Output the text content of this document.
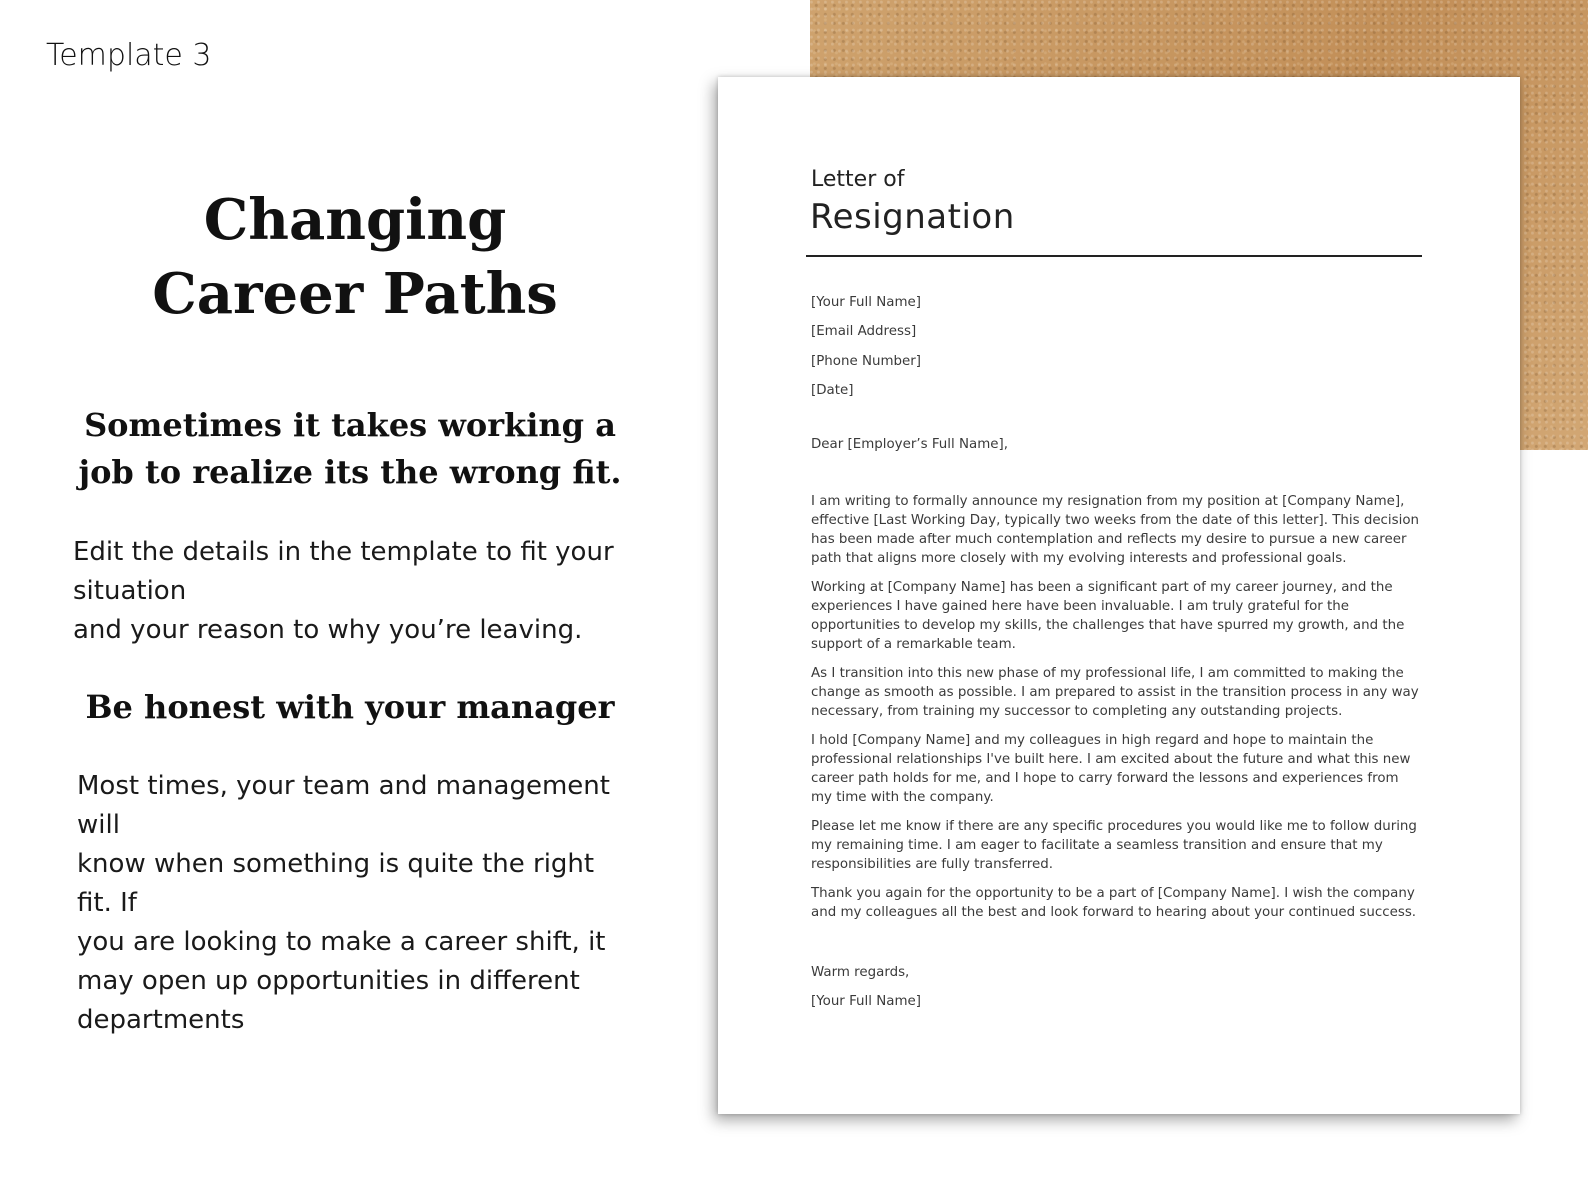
Template 3
Changing
Career Paths
Sometimes it takes working a
job to realize its the wrong fit.
Edit the details in the template to fit your situation
and your reason to why you’re leaving.
Be honest with your manager
Most times, your team and management will
know when something is quite the right fit. If
you are looking to make a career shift, it
may open up opportunities in different
departments
Letter of
Resignation
[Your Full Name]
[Email Address]
[Phone Number]
[Date]
Dear [Employer’s Full Name],

I am writing to formally announce my resignation from my position at [Company Name], effective [Last Working Day, typically two weeks from the date of this letter]. This decision has been made after much contemplation and reflects my desire to pursue a new career path that aligns more closely with my evolving interests and professional goals.

Working at [Company Name] has been a significant part of my career journey, and the experiences I have gained here have been invaluable. I am truly grateful for the opportunities to develop my skills, the challenges that have spurred my growth, and the support of a remarkable team.

As I transition into this new phase of my professional life, I am committed to making the change as smooth as possible. I am prepared to assist in the transition process in any way necessary, from training my successor to completing any outstanding projects.

I hold [Company Name] and my colleagues in high regard and hope to maintain the professional relationships I've built here. I am excited about the future and what this new career path holds for me, and I hope to carry forward the lessons and experiences from my time with the company.

Please let me know if there are any specific procedures you would like me to follow during my remaining time. I am eager to facilitate a seamless transition and ensure that my responsibilities are fully transferred.

Thank you again for the opportunity to be a part of [Company Name]. I wish the company and my colleagues all the best and look forward to hearing about your continued success.

Warm regards,
[Your Full Name]
